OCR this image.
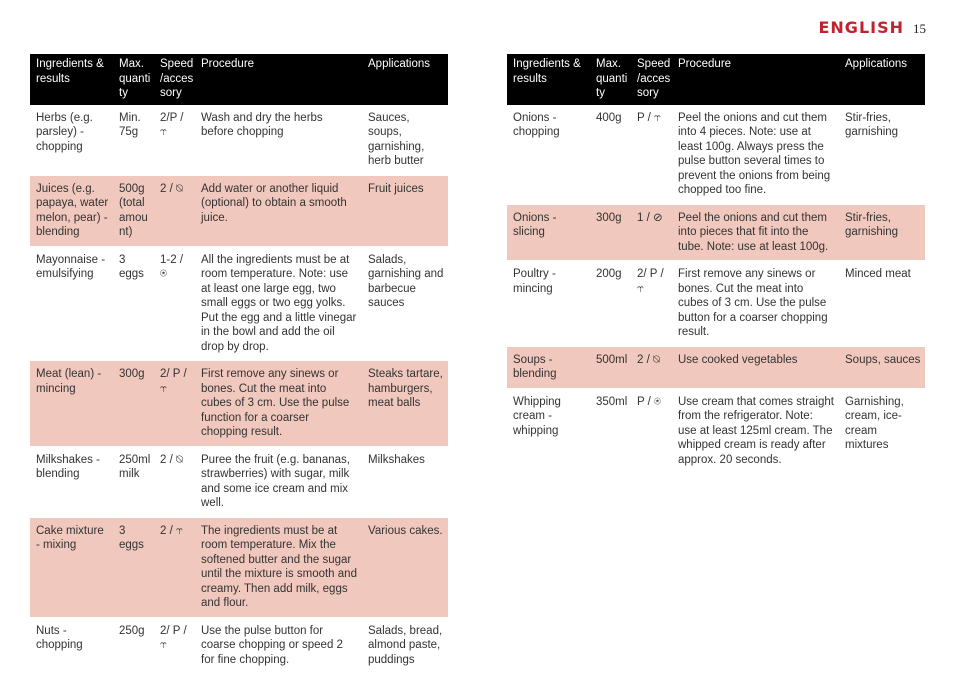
ENGLISH 15
Ingredients & results	Max. quanti ty	Speed /acces sory	Procedure	Applications
Herbs (e.g. parsley) - chopping	Min. 75g	2/P / ⥾	Wash and dry the herbs before chopping	Sauces, soups, garnishing, herb butter
Juices (e.g. papaya, water melon, pear) - blending	500g (total amou nt)	2 / ⍉	Add water or another liquid (optional) to obtain a smooth juice.	Fruit juices
Mayonnaise - emulsifying	3 eggs	1-2 / ⍟	All the ingredients must be at room temperature. Note: use at least one large egg, two small eggs or two egg yolks. Put the egg and a little vinegar in the bowl and add the oil drop by drop.	Salads, garnishing and barbecue sauces
Meat (lean) - mincing	300g	2/ P / ⥾	First remove any sinews or bones. Cut the meat into cubes of 3 cm. Use the pulse function for a coarser chopping result.	Steaks tartare, hamburgers, meat balls
Milkshakes - blending	250ml milk	2 / ⍉	Puree the fruit (e.g. bananas, strawberries) with sugar, milk and some ice cream and mix well.	Milkshakes
Cake mixture - mixing	3 eggs	2 / ⥾	The ingredients must be at room temperature. Mix the softened butter and the sugar until the mixture is smooth and creamy. Then add milk, eggs and flour.	Various cakes.
Nuts - chopping	250g	2/ P / ⥾	Use the pulse button for coarse chopping or speed 2 for fine chopping.	Salads, bread, almond paste, puddings
Ingredients & results	Max. quanti ty	Speed /acces sory	Procedure	Applications
Onions - chopping	400g	P / ⥾	Peel the onions and cut them into 4 pieces. Note: use at least 100g. Always press the pulse button several times to prevent the onions from being chopped too fine.	Stir-fries, garnishing
Onions - slicing	300g	1 / ⊘	Peel the onions and cut them into pieces that fit into the tube. Note: use at least 100g.	Stir-fries, garnishing
Poultry - mincing	200g	2/ P / ⥾	First remove any sinews or bones. Cut the meat into cubes of 3 cm. Use the pulse button for a coarser chopping result.	Minced meat
Soups - blending	500ml	2 / ⍉	Use cooked vegetables	Soups, sauces
Whipping cream - whipping	350ml	P / ⍟	Use cream that comes straight from the refrigerator. Note: use at least 125ml cream. The whipped cream is ready after approx. 20 seconds.	Garnishing, cream, ice-cream mixtures
